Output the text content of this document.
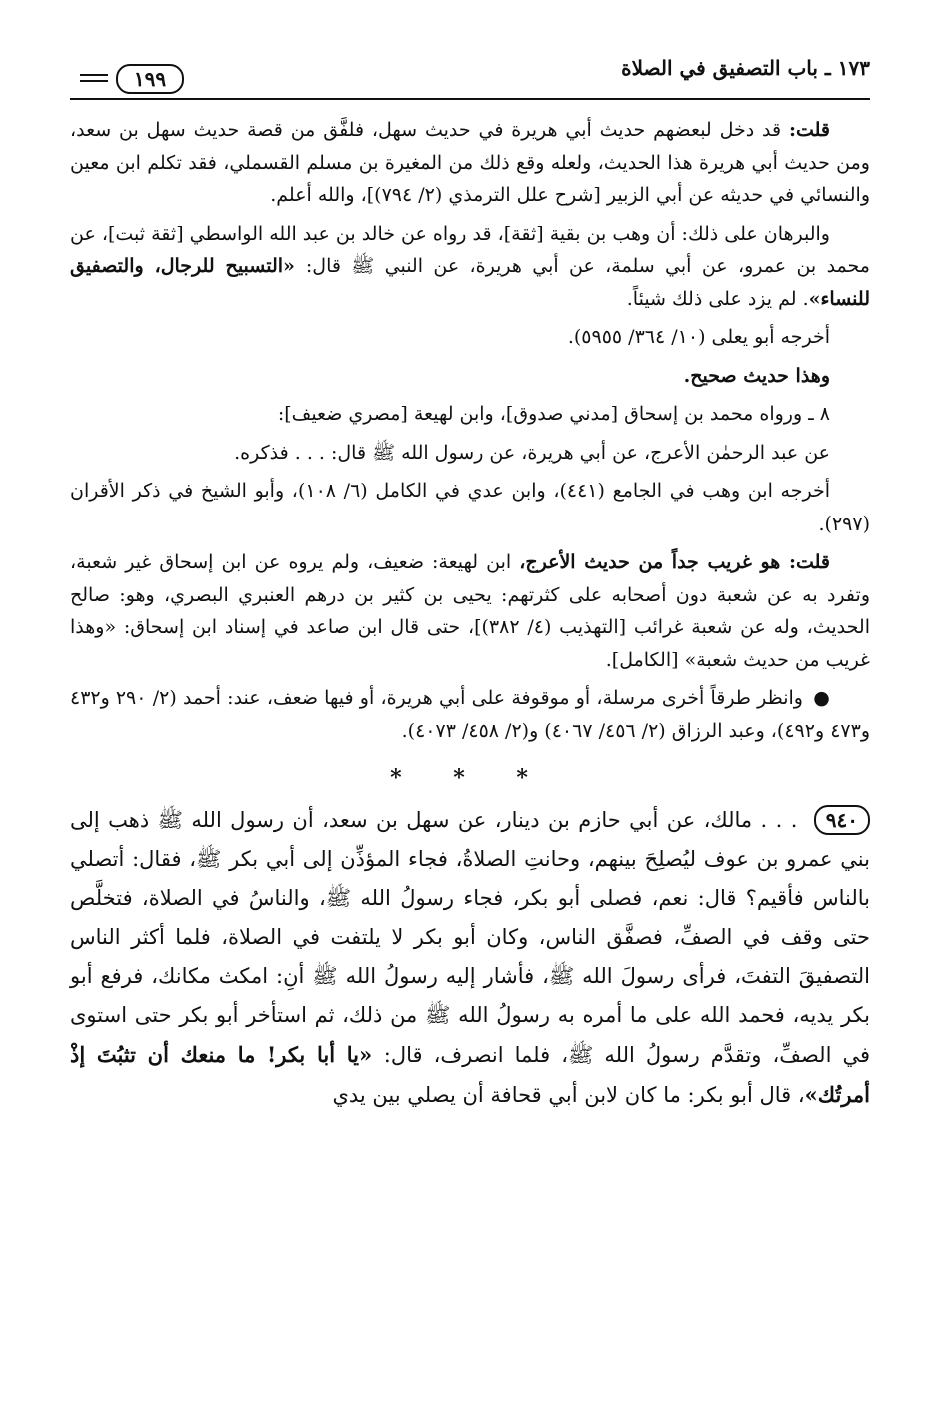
١٧٣ ـ باب التصفيق في الصلاة
١٩٩

قلت: قد دخل لبعضهم حديث أبي هريرة في حديث سهل، فلفَّق من قصة حديث سهل بن سعد، ومن حديث أبي هريرة هذا الحديث، ولعله وقع ذلك من المغيرة بن مسلم القسملي، فقد تكلم ابن معين والنسائي في حديثه عن أبي الزبير [شرح علل الترمذي (٢/ ٧٩٤)]، والله أعلم.

والبرهان على ذلك: أن وهب بن بقية [ثقة]، قد رواه عن خالد بن عبد الله الواسطي [ثقة ثبت]، عن محمد بن عمرو، عن أبي سلمة، عن أبي هريرة، عن النبي ﷺ قال: «التسبيح للرجال، والتصفيق للنساء». لم يزد على ذلك شيئاً.

أخرجه أبو يعلى (١٠/ ٣٦٤/ ٥٩٥٥).

وهذا حديث صحيح.

٨ ـ ورواه محمد بن إسحاق [مدني صدوق]، وابن لهيعة [مصري ضعيف]:

عن عبد الرحمٰن الأعرج، عن أبي هريرة، عن رسول الله ﷺ قال: . . . فذكره.

أخرجه ابن وهب في الجامع (٤٤١)، وابن عدي في الكامل (٦/ ١٠٨)، وأبو الشيخ في ذكر الأقران (٢٩٧).

قلت: هو غريب جداً من حديث الأعرج، ابن لهيعة: ضعيف، ولم يروه عن ابن إسحاق غير شعبة، وتفرد به عن شعبة دون أصحابه على كثرتهم: يحيى بن كثير بن درهم العنبري البصري، وهو: صالح الحديث، وله عن شعبة غرائب [التهذيب (٤/ ٣٨٢)]، حتى قال ابن صاعد في إسناد ابن إسحاق: «وهذا غريب من حديث شعبة» [الكامل].

● وانظر طرقاً أخرى مرسلة، أو موقوفة على أبي هريرة، أو فيها ضعف، عند: أحمد (٢/ ٢٩٠ و٤٣٢ و٤٧٣ و٤٩٢)، وعبد الرزاق (٢/ ٤٥٦/ ٤٠٦٧) و(٢/ ٤٥٨/ ٤٠٧٣).

* * *

٩٤٠ . . . مالك، عن أبي حازم بن دينار، عن سهل بن سعد، أن رسول الله ﷺ ذهب إلى بني عمرو بن عوف ليُصلِحَ بينهم، وحانتِ الصلاةُ، فجاء المؤذِّن إلى أبي بكر ﷺ، فقال: أتصلي بالناس فأقيم؟ قال: نعم، فصلى أبو بكر، فجاء رسولُ الله ﷺ، والناسُ في الصلاة، فتخلَّص حتى وقف في الصفِّ، فصفَّق الناس، وكان أبو بكر لا يلتفت في الصلاة، فلما أكثر الناس التصفيقَ التفتَ، فرأى رسولَ الله ﷺ، فأشار إليه رسولُ الله ﷺ أنِ: امكث مكانك، فرفع أبو بكر يديه، فحمد الله على ما أمره به رسولُ الله ﷺ من ذلك، ثم استأخر أبو بكر حتى استوى في الصفِّ، وتقدَّم رسولُ الله ﷺ، فلما انصرف، قال: «يا أبا بكر! ما منعك أن تثبُتَ إذْ أمرتُك»، قال أبو بكر: ما كان لابن أبي قحافة أن يصلي بين يدي
